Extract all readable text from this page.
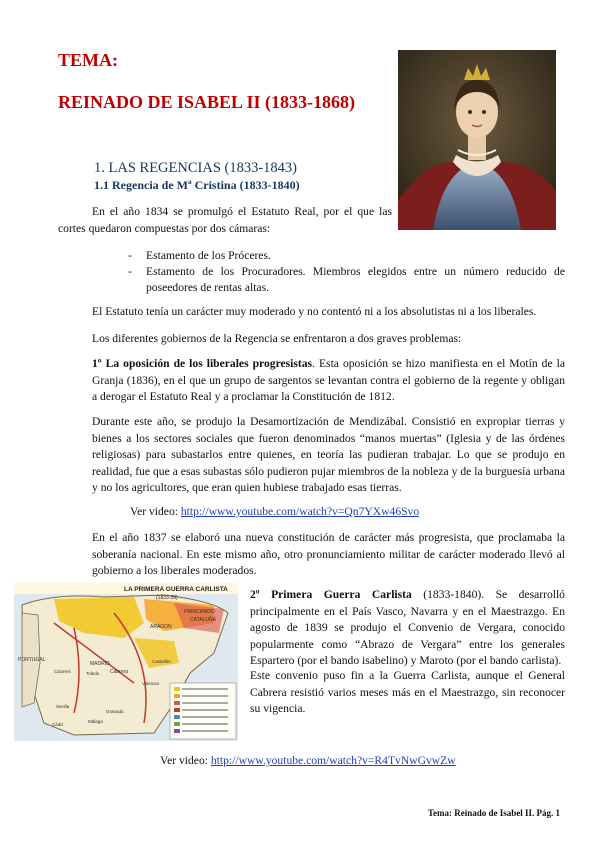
TEMA:
REINADO DE ISABEL II (1833-1868)
1. LAS REGENCIAS (1833-1843)
1.1 Regencia de Mª Cristina (1833-1840)

En el año 1834 se promulgó el Estatuto Real, por el que las cortes quedaron compuestas por dos cámaras:

-	Estamento de los Próceres.
-	Estamento de los Procuradores. Miembros elegidos entre un número reducido de poseedores de rentas altas.

El Estatuto tenía un carácter muy moderado y no contentó ni a los absolutistas ni a los liberales.

Los diferentes gobiernos de la Regencia se enfrentaron a dos graves problemas:

1º La oposición de los liberales progresistas. Esta oposición se hizo manifiesta en el Motín de la Granja (1836), en el que un grupo de sargentos se levantan contra el gobierno de la regente y obligan a derogar el Estatuto Real y a proclamar la Constitución de 1812.

Durante este año, se produjo la Desamortización de Mendizábal. Consistió en expropiar tierras y bienes a los sectores sociales que fueron denominados “manos muertas” (Iglesia y de las órdenes religiosas) para subastarlos entre quienes, en teoría las pudieran trabajar. Lo que se produjo en realidad, fue que a esas subastas sólo pudieron pujar miembros de la nobleza y de la burguesía urbana y no los agricultores, que eran quien hubiese trabajado esas tierras.

Ver video: http://www.youtube.com/watch?v=Qn7YXw46Svo

En el año 1837 se elaboró una nueva constitución de carácter más progresista, que proclamaba la soberanía nacional. En este mismo año, otro pronunciamiento militar de carácter moderado llevó al gobierno a los liberales moderados.

LA PRIMERA GUERRA CARLISTA
(1833-39)
PORTUGAL
MADRID
Cabrera
ARAGON
PRINCIPADO
CATALUÑA
Toledo
Cáceres
Sevilla
Cádiz
Málaga
Valencia
Castellón
Granada

2º Primera Guerra Carlista (1833-1840). Se desarrolló principalmente en el País Vasco, Navarra y en el Maestrazgo. En agosto de 1839 se produjo el Convenio de Vergara, conocido popularmente como “Abrazo de Vergara” entre los generales Espartero (por el bando isabelino) y Maroto (por el bando carlista).

Este convenio puso fin a la Guerra Carlista, aunque el General Cabrera resistió varios meses más en el Maestrazgo, sin reconocer su vigencia.

Ver video: http://www.youtube.com/watch?v=R4TvNwGvwZw
Tema: Reinado de Isabel II. Pág. 1
